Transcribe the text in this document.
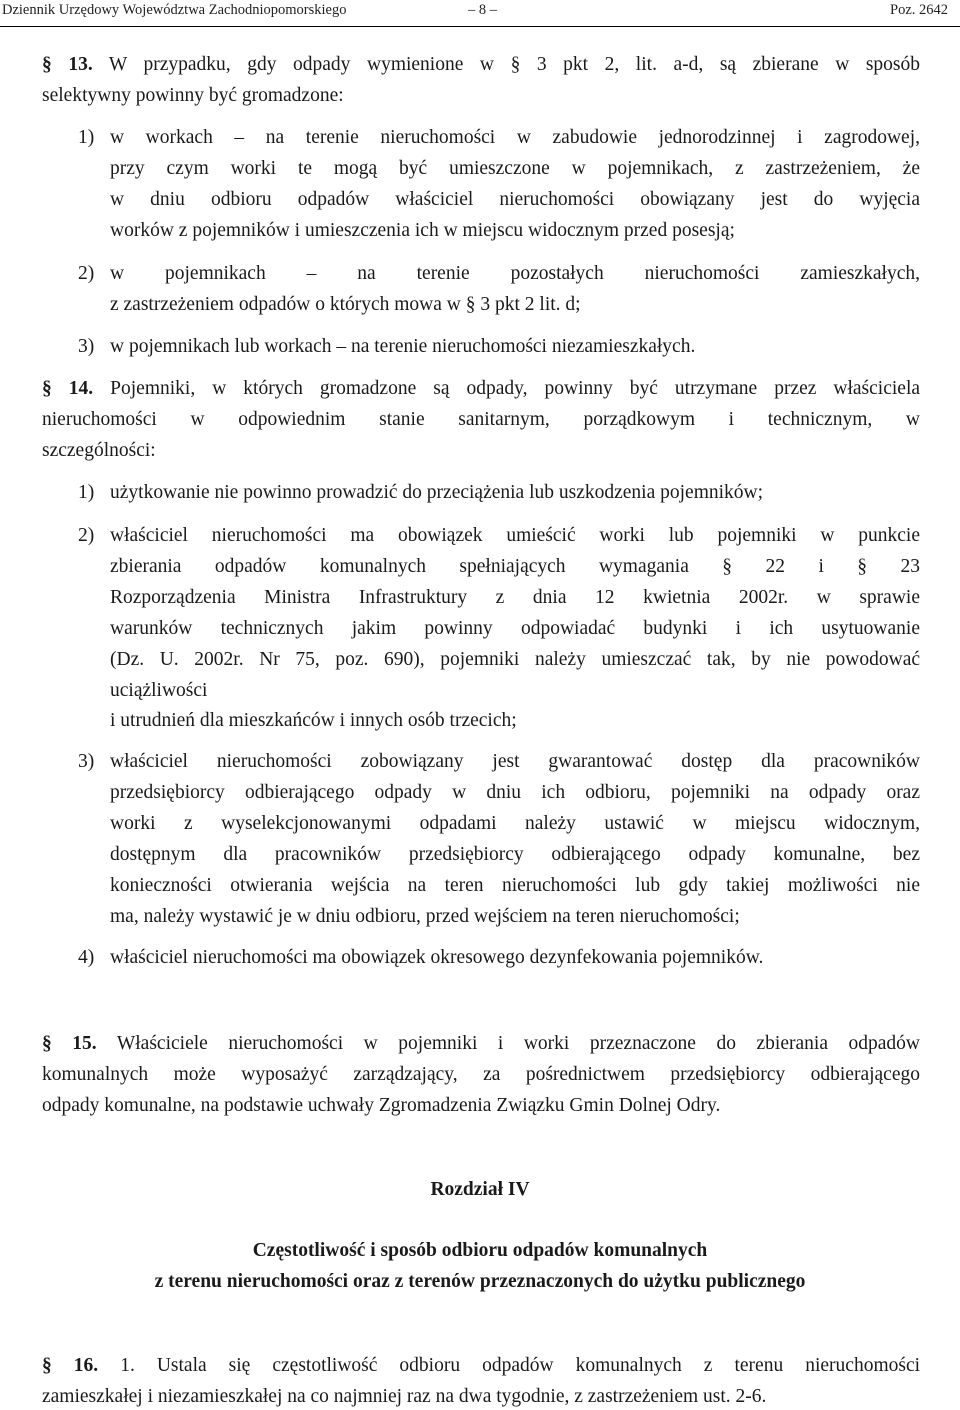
Dziennik Urzędowy Województwa Zachodniopomorskiego	– 8 –	Poz. 2642
§ 13. W przypadku, gdy odpady wymienione w § 3 pkt 2, lit. a-d, są zbierane w sposób
selektywny powinny być gromadzone:
1) w workach – na terenie nieruchomości w zabudowie jednorodzinnej i zagrodowej,
przy czym worki te mogą być umieszczone w pojemnikach, z zastrzeżeniem, że
w dniu odbioru odpadów właściciel nieruchomości obowiązany jest do wyjęcia
worków z pojemników i umieszczenia ich w miejscu widocznym przed posesją;
2) w pojemnikach – na terenie pozostałych nieruchomości zamieszkałych,
z zastrzeżeniem odpadów o których mowa w § 3 pkt 2 lit. d;
3) w pojemnikach lub workach – na terenie nieruchomości niezamieszkałych.
§ 14. Pojemniki, w których gromadzone są odpady, powinny być utrzymane przez właściciela
nieruchomości w odpowiednim stanie sanitarnym, porządkowym i technicznym, w
szczególności:
1) użytkowanie nie powinno prowadzić do przeciążenia lub uszkodzenia pojemników;
2) właściciel nieruchomości ma obowiązek umieścić worki lub pojemniki w punkcie
zbierania odpadów komunalnych spełniających wymagania § 22 i § 23
Rozporządzenia Ministra Infrastruktury z dnia 12 kwietnia 2002r. w sprawie
warunków technicznych jakim powinny odpowiadać budynki i ich usytuowanie
(Dz. U. 2002r. Nr 75, poz. 690), pojemniki należy umieszczać tak, by nie powodować
uciążliwości
i utrudnień dla mieszkańców i innych osób trzecich;
3) właściciel nieruchomości zobowiązany jest gwarantować dostęp dla pracowników
przedsiębiorcy odbierającego odpady w dniu ich odbioru, pojemniki na odpady oraz
worki z wyselekcjonowanymi odpadami należy ustawić w miejscu widocznym,
dostępnym dla pracowników przedsiębiorcy odbierającego odpady komunalne, bez
konieczności otwierania wejścia na teren nieruchomości lub gdy takiej możliwości nie
ma, należy wystawić je w dniu odbioru, przed wejściem na teren nieruchomości;
4) właściciel nieruchomości ma obowiązek okresowego dezynfekowania pojemników.
§ 15. Właściciele nieruchomości w pojemniki i worki przeznaczone do zbierania odpadów
komunalnych może wyposażyć zarządzający, za pośrednictwem przedsiębiorcy odbierającego
odpady komunalne, na podstawie uchwały Zgromadzenia Związku Gmin Dolnej Odry.
Rozdział IV
Częstotliwość i sposób odbioru odpadów komunalnych
z terenu nieruchomości oraz z terenów przeznaczonych do użytku publicznego
§ 16. 1. Ustala się częstotliwość odbioru odpadów komunalnych z terenu nieruchomości
zamieszkałej i niezamieszkałej na co najmniej raz na dwa tygodnie, z zastrzeżeniem ust. 2-6.
